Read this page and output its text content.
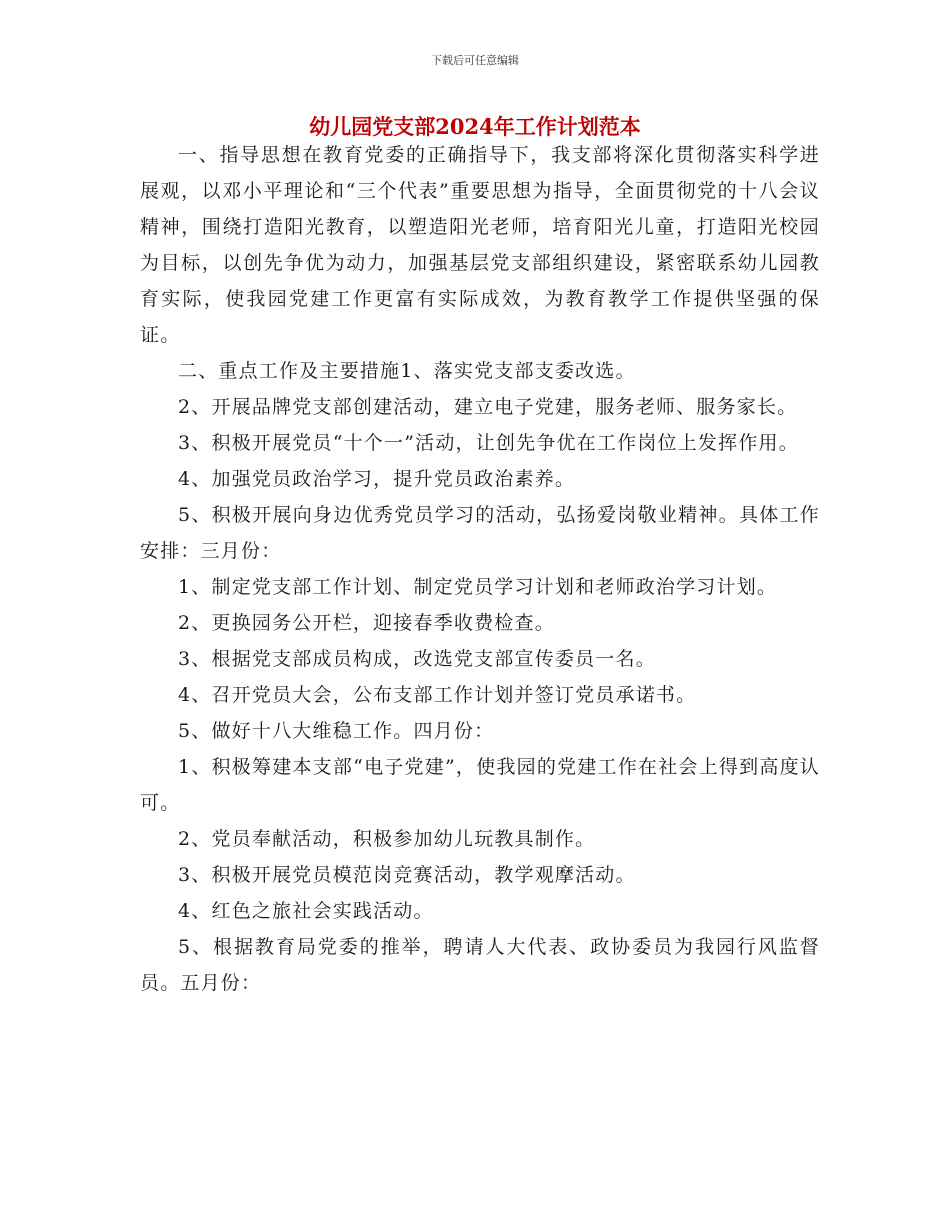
下载后可任意编辑
幼儿园党支部2024年工作计划范本

一、指导思想在教育党委的正确指导下，我支部将深化贯彻落实科学进展观，以邓小平理论和“三个代表”重要思想为指导，全面贯彻党的十八会议精神，围绕打造阳光教育，以塑造阳光老师，培育阳光儿童，打造阳光校园为目标，以创先争优为动力，加强基层党支部组织建设，紧密联系幼儿园教育实际，使我园党建工作更富有实际成效，为教育教学工作提供坚强的保证。

二、重点工作及主要措施1、落实党支部支委改选。

2、开展品牌党支部创建活动，建立电子党建，服务老师、服务家长。

3、积极开展党员“十个一”活动，让创先争优在工作岗位上发挥作用。

4、加强党员政治学习，提升党员政治素养。

5、积极开展向身边优秀党员学习的活动，弘扬爱岗敬业精神。具体工作安排：三月份：

1、制定党支部工作计划、制定党员学习计划和老师政治学习计划。

2、更换园务公开栏，迎接春季收费检查。

3、根据党支部成员构成，改选党支部宣传委员一名。

4、召开党员大会，公布支部工作计划并签订党员承诺书。

5、做好十八大维稳工作。四月份：

1、积极筹建本支部“电子党建”，使我园的党建工作在社会上得到高度认可。

2、党员奉献活动，积极参加幼儿玩教具制作。

3、积极开展党员模范岗竞赛活动，教学观摩活动。

4、红色之旅社会实践活动。

5、根据教育局党委的推举，聘请人大代表、政协委员为我园行风监督员。五月份：
